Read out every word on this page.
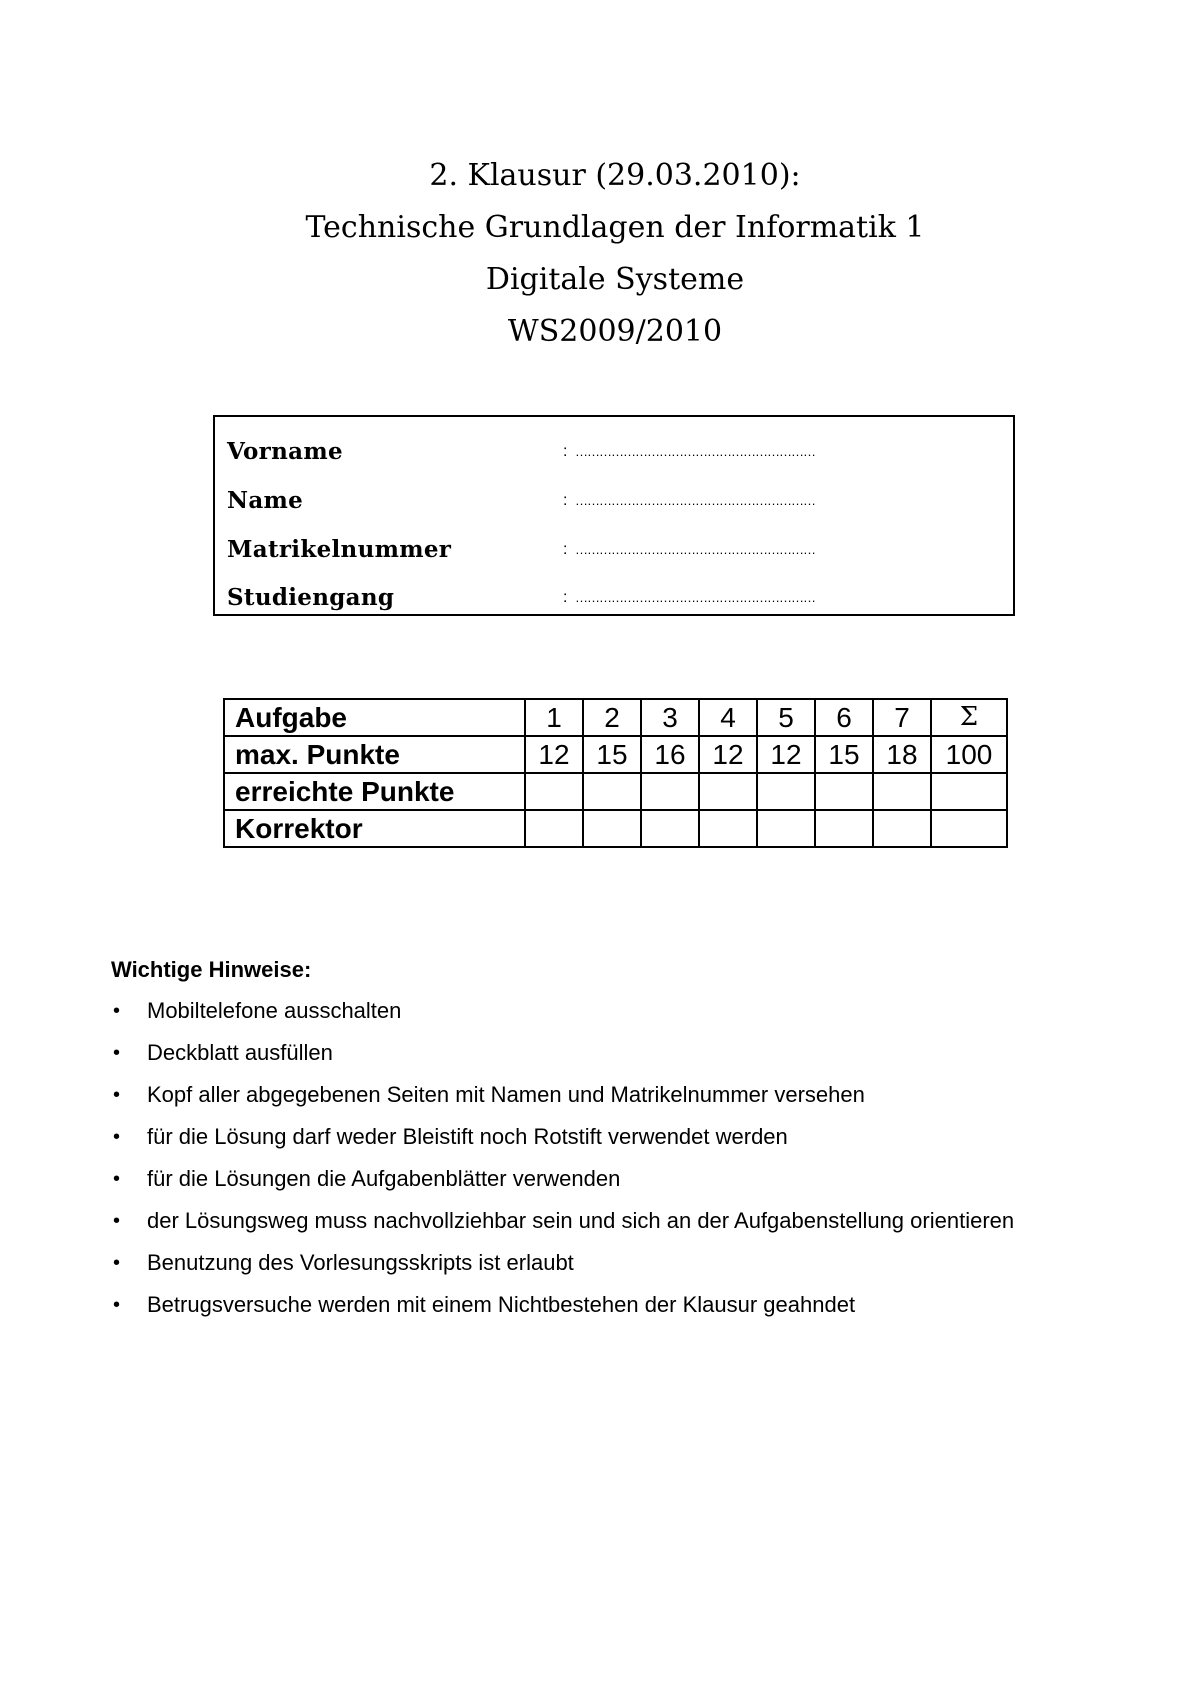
2. Klausur (29.03.2010):
Technische Grundlagen der Informatik 1
Digitale Systeme
WS2009/2010
Vorname	: ……………………………………………………
Name	: ……………………………………………………
Matrikelnummer	: ……………………………………………………
Studiengang	: ……………………………………………………
Aufgabe	1	2	3	4	5	6	7	Σ
max. Punkte	12	15	16	12	12	15	18	100
erreichte Punkte								
Korrektor								
Wichtige Hinweise:
• Mobiltelefone ausschalten
• Deckblatt ausfüllen
• Kopf aller abgegebenen Seiten mit Namen und Matrikelnummer versehen
• für die Lösung darf weder Bleistift noch Rotstift verwendet werden
• für die Lösungen die Aufgabenblätter verwenden
• der Lösungsweg muss nachvollziehbar sein und sich an der Aufgabenstellung orientieren
• Benutzung des Vorlesungsskripts ist erlaubt
• Betrugsversuche werden mit einem Nichtbestehen der Klausur geahndet
